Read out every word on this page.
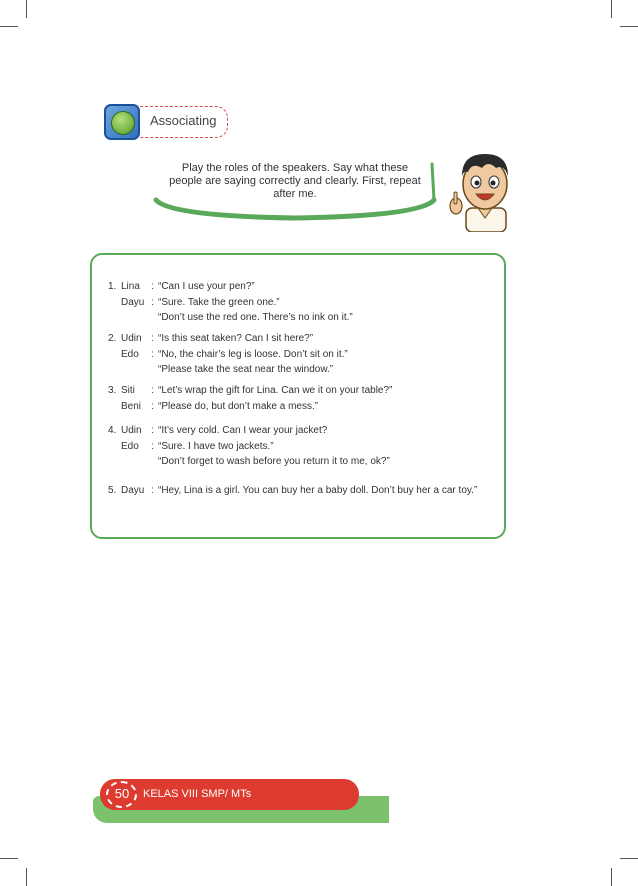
Associating
Play the roles of the speakers. Say what these people are saying correctly and clearly. First, repeat after me.
1. Lina : “Can I use your pen?”
Dayu : “Sure. Take the green one.”
“Don’t use the red one. There’s no ink on it.”
2. Udin : “Is this seat taken? Can I sit here?”
Edo : “No, the chair’s leg is loose. Don’t sit on it.”
“Please take the seat near the window.”
3. Siti : “Let’s wrap the gift for Lina. Can we it on your table?”
Beni : “Please do, but don’t make a mess.”
4. Udin : “It’s very cold. Can I wear your jacket?
Edo : “Sure. I have two jackets.”
“Don’t forget to wash before you return it to me, ok?”
5. Dayu : “Hey, Lina is a girl. You can buy her a baby doll. Don’t buy her a car toy.”
50	KELAS VIII SMP/ MTs
